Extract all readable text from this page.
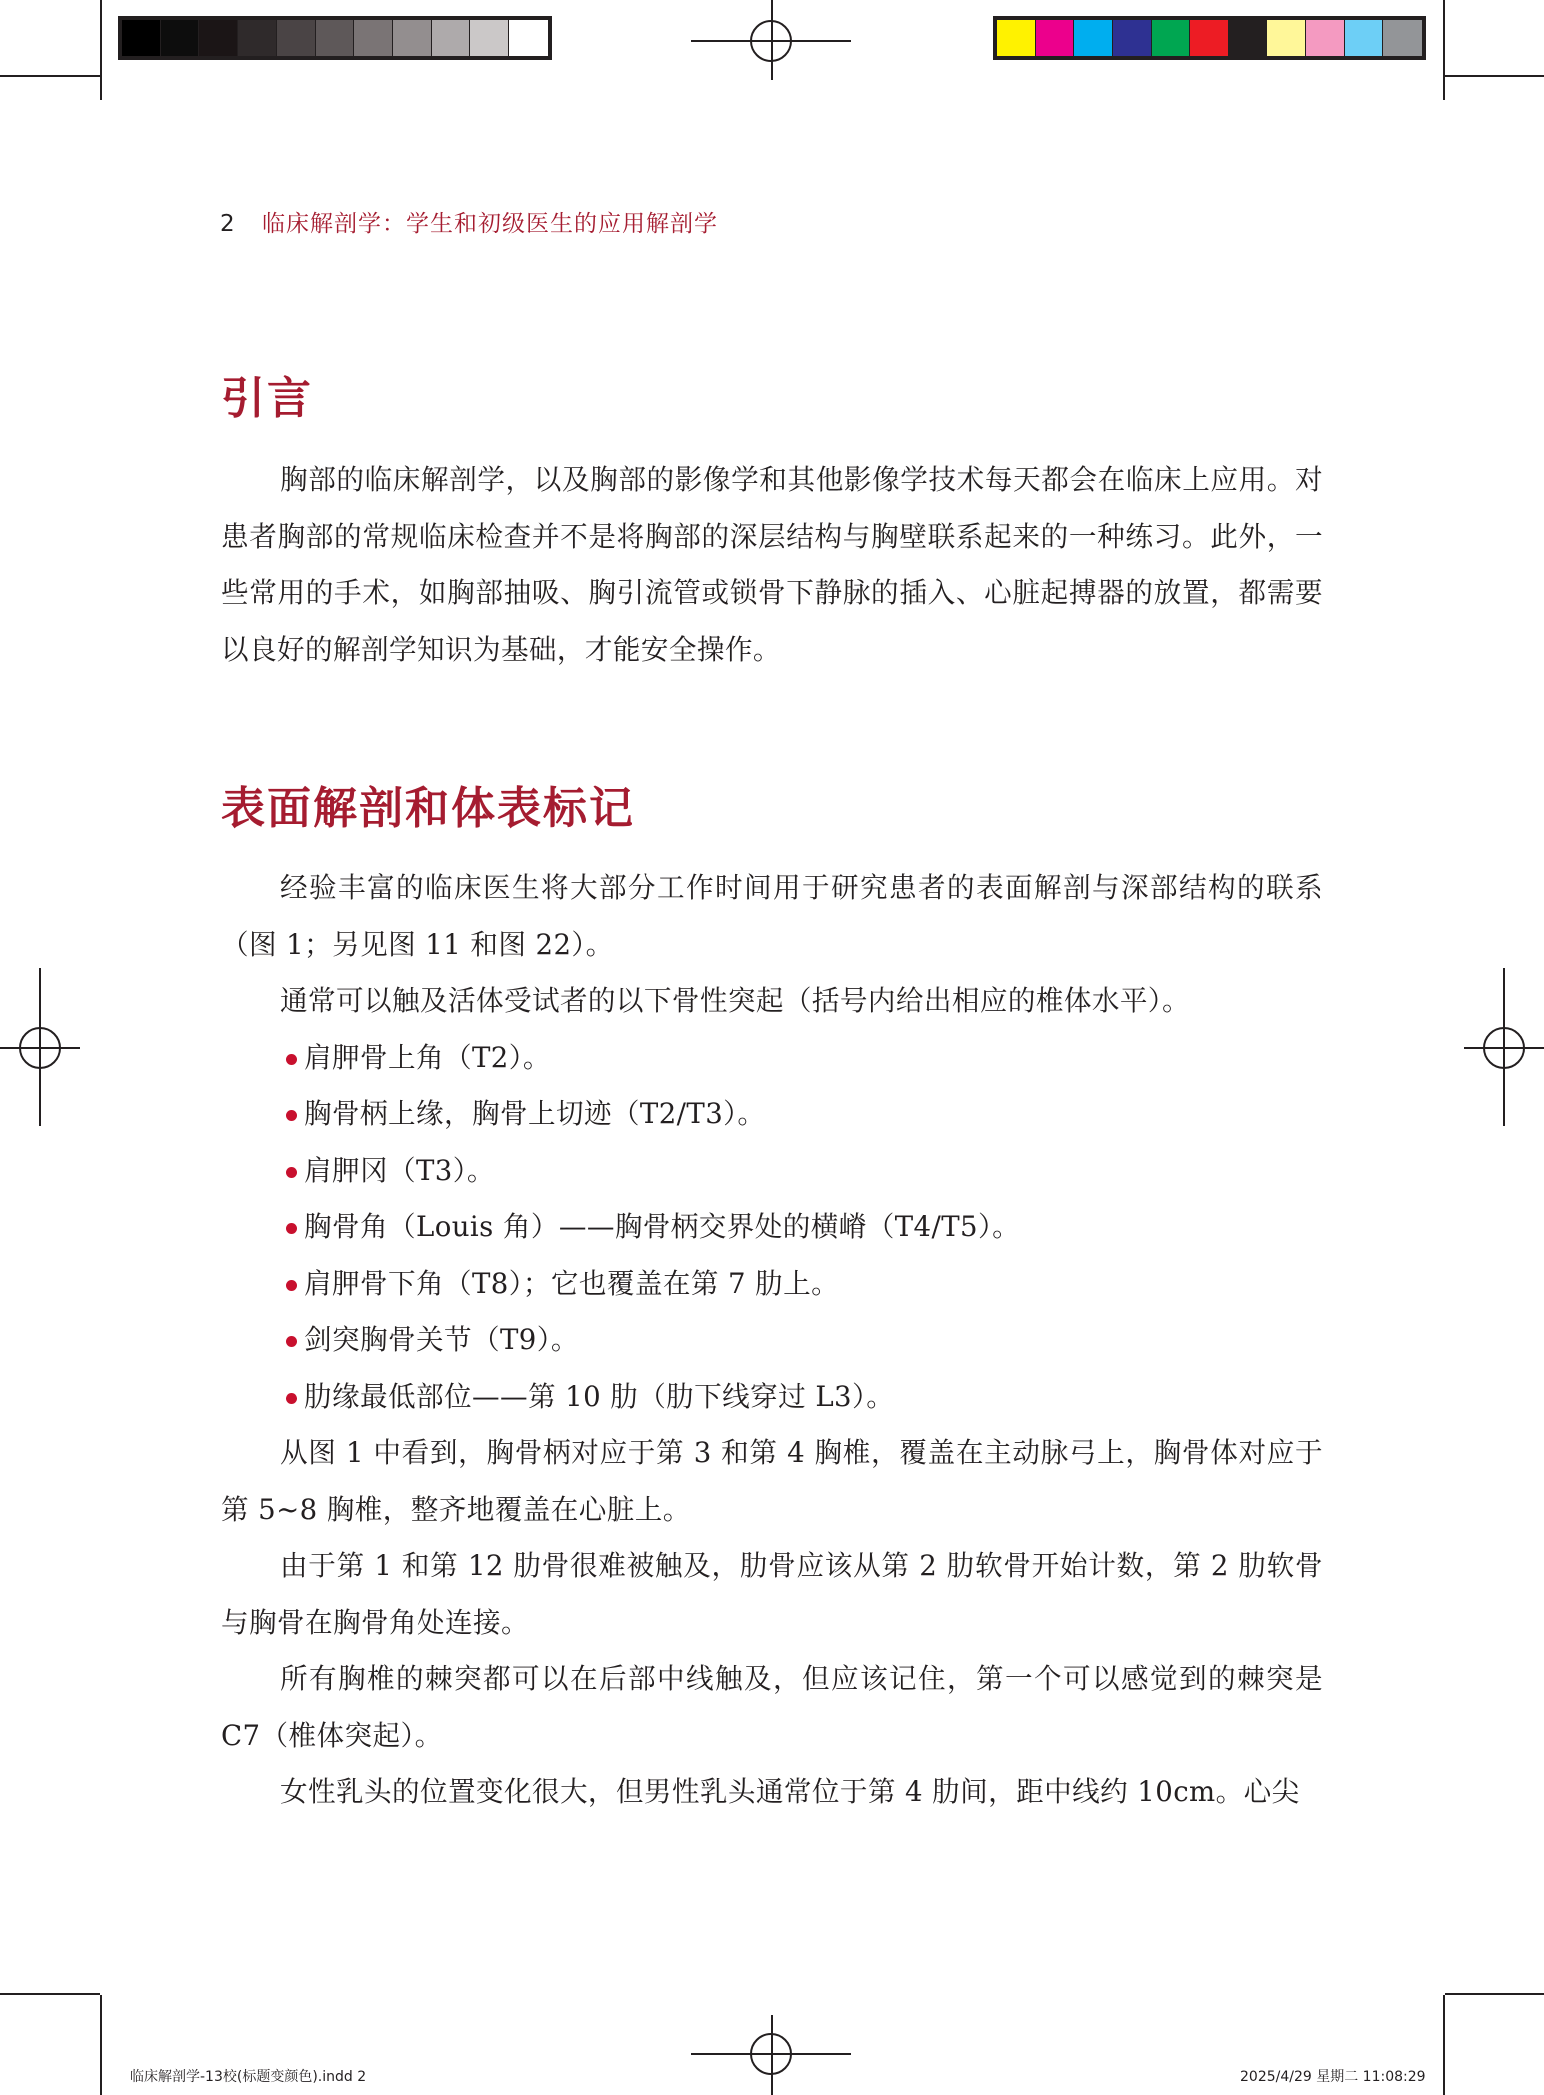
2 临床解剖学：学生和初级医生的应用解剖学
引言

胸部的临床解剖学，以及胸部的影像学和其他影像学技术每天都会在临床上应用。对患者胸部的常规临床检查并不是将胸部的深层结构与胸壁联系起来的一种练习。此外，一些常用的手术，如胸部抽吸、胸引流管或锁骨下静脉的插入、心脏起搏器的放置，都需要以良好的解剖学知识为基础，才能安全操作。

表面解剖和体表标记

经验丰富的临床医生将大部分工作时间用于研究患者的表面解剖与深部结构的联系（图 1；另见图 11 和图 22）。

通常可以触及活体受试者的以下骨性突起（括号内给出相应的椎体水平）。

肩胛骨上角（T2）。
胸骨柄上缘，胸骨上切迹（T2/T3）。
肩胛冈（T3）。
胸骨角（Louis 角）——胸骨柄交界处的横嵴（T4/T5）。
肩胛骨下角（T8）；它也覆盖在第 7 肋上。
剑突胸骨关节（T9）。
肋缘最低部位——第 10 肋（肋下线穿过 L3）。

从图 1 中看到，胸骨柄对应于第 3 和第 4 胸椎，覆盖在主动脉弓上，胸骨体对应于第 5~8 胸椎，整齐地覆盖在心脏上。

由于第 1 和第 12 肋骨很难被触及，肋骨应该从第 2 肋软骨开始计数，第 2 肋软骨与胸骨在胸骨角处连接。

所有胸椎的棘突都可以在后部中线触及，但应该记住，第一个可以感觉到的棘突是 C7（椎体突起）。

女性乳头的位置变化很大，但男性乳头通常位于第 4 肋间，距中线约 10cm。心尖

临床解剖学-13校(标题变颜色).indd 2	2025/4/29 星期二 11:08:29
